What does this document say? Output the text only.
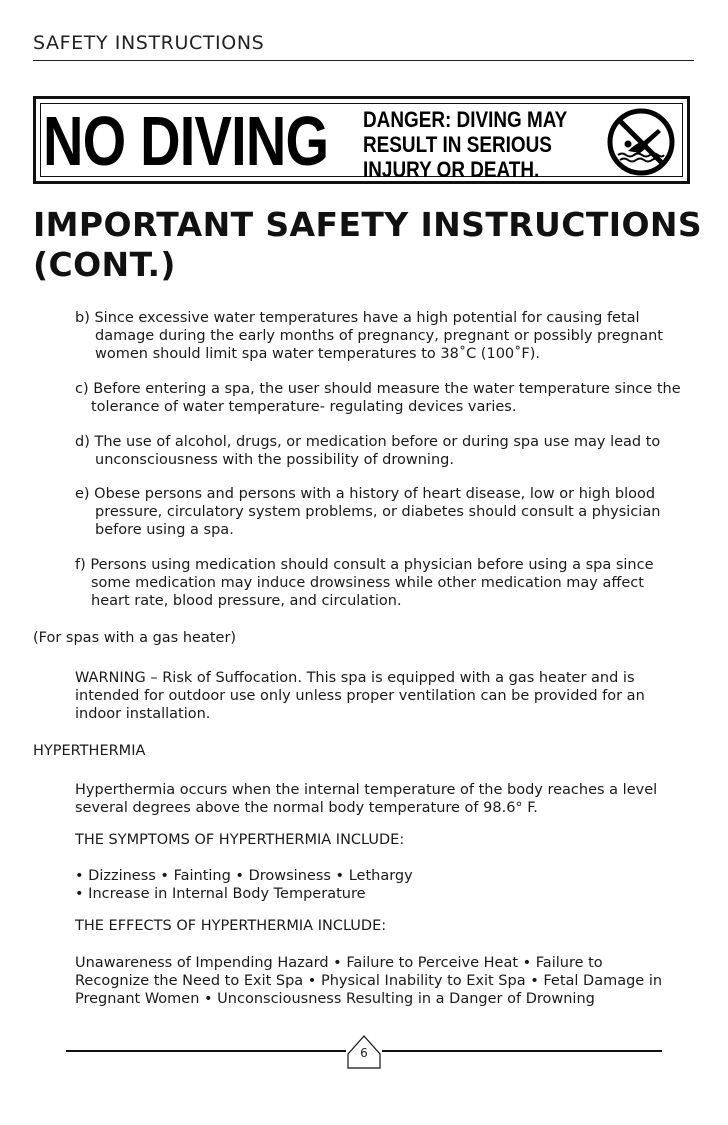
SAFETY INSTRUCTIONS
NO DIVING DANGER: DIVING MAY
RESULT IN SERIOUS
INJURY OR DEATH.
IMPORTANT SAFETY INSTRUCTIONS
(CONT.)
b) Since excessive water temperatures have a high potential for causing fetal
damage during the early months of pregnancy, pregnant or possibly pregnant
women should limit spa water temperatures to 38˚C (100˚F).
c) Before entering a spa, the user should measure the water temperature since the
tolerance of water temperature- regulating devices varies.
d) The use of alcohol, drugs, or medication before or during spa use may lead to
unconsciousness with the possibility of drowning.
e) Obese persons and persons with a history of heart disease, low or high blood
pressure, circulatory system problems, or diabetes should consult a physician
before using a spa.
f) Persons using medication should consult a physician before using a spa since
some medication may induce drowsiness while other medication may affect
heart rate, blood pressure, and circulation.
(For spas with a gas heater)
WARNING – Risk of Suffocation. This spa is equipped with a gas heater and is
intended for outdoor use only unless proper ventilation can be provided for an
indoor installation.
HYPERTHERMIA
Hyperthermia occurs when the internal temperature of the body reaches a level
several degrees above the normal body temperature of 98.6° F.
THE SYMPTOMS OF HYPERTHERMIA INCLUDE:
• Dizziness • Fainting • Drowsiness • Lethargy
• Increase in Internal Body Temperature
THE EFFECTS OF HYPERTHERMIA INCLUDE:
Unawareness of Impending Hazard • Failure to Perceive Heat • Failure to
Recognize the Need to Exit Spa • Physical Inability to Exit Spa • Fetal Damage in
Pregnant Women • Unconsciousness Resulting in a Danger of Drowning
6
